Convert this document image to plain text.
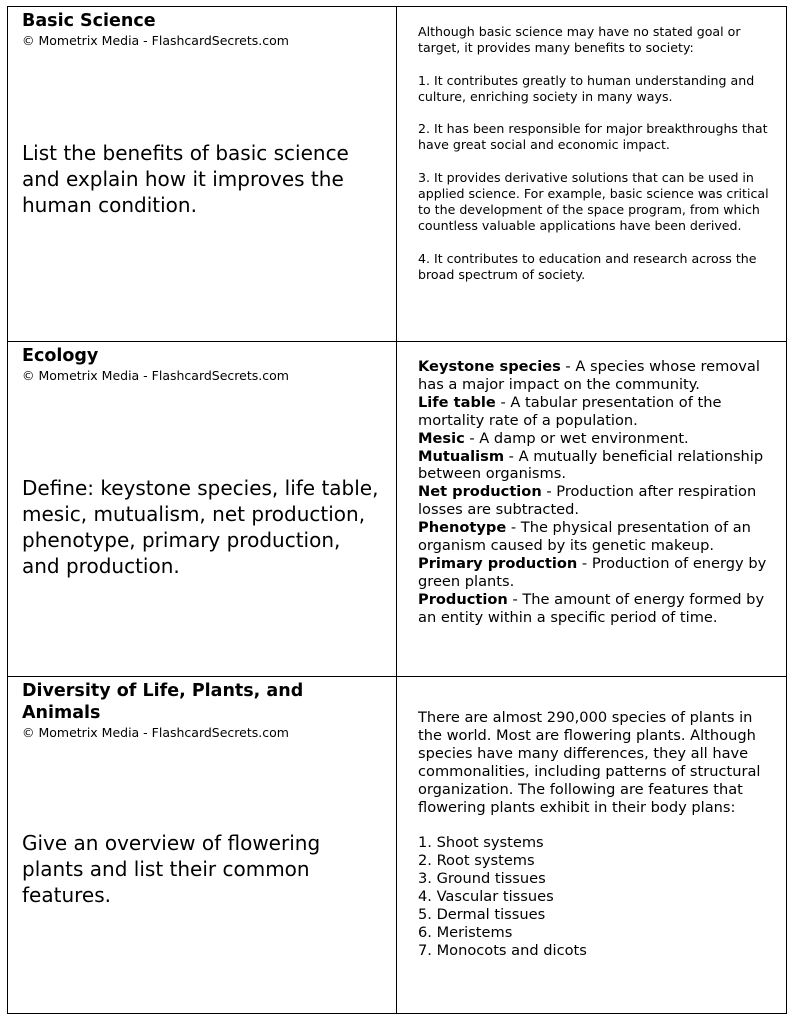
Basic Science
© Mometrix Media - FlashcardSecrets.com
List the benefits of basic science and explain how it improves the human condition.

Although basic science may have no stated goal or target, it provides many benefits to society:

1. It contributes greatly to human understanding and culture, enriching society in many ways.

2. It has been responsible for major breakthroughs that have great social and economic impact.

3. It provides derivative solutions that can be used in applied science. For example, basic science was critical to the development of the space program, from which countless valuable applications have been derived.

4. It contributes to education and research across the broad spectrum of society.

Ecology
© Mometrix Media - FlashcardSecrets.com
Define: keystone species, life table, mesic, mutualism, net production, phenotype, primary production, and production.

Keystone species - A species whose removal has a major impact on the community.

Life table - A tabular presentation of the mortality rate of a population.

Mesic - A damp or wet environment.

Mutualism - A mutually beneficial relationship between organisms.

Net production - Production after respiration losses are subtracted.

Phenotype - The physical presentation of an organism caused by its genetic makeup.

Primary production - Production of energy by green plants.

Production - The amount of energy formed by an entity within a specific period of time.

Diversity of Life, Plants, and Animals
© Mometrix Media - FlashcardSecrets.com
Give an overview of flowering plants and list their common features.

There are almost 290,000 species of plants in the world. Most are flowering plants. Although species have many differences, they all have commonalities, including patterns of structural organization. The following are features that flowering plants exhibit in their body plans:

1. Shoot systems

2. Root systems

3. Ground tissues

4. Vascular tissues

5. Dermal tissues

6. Meristems

7. Monocots and dicots
